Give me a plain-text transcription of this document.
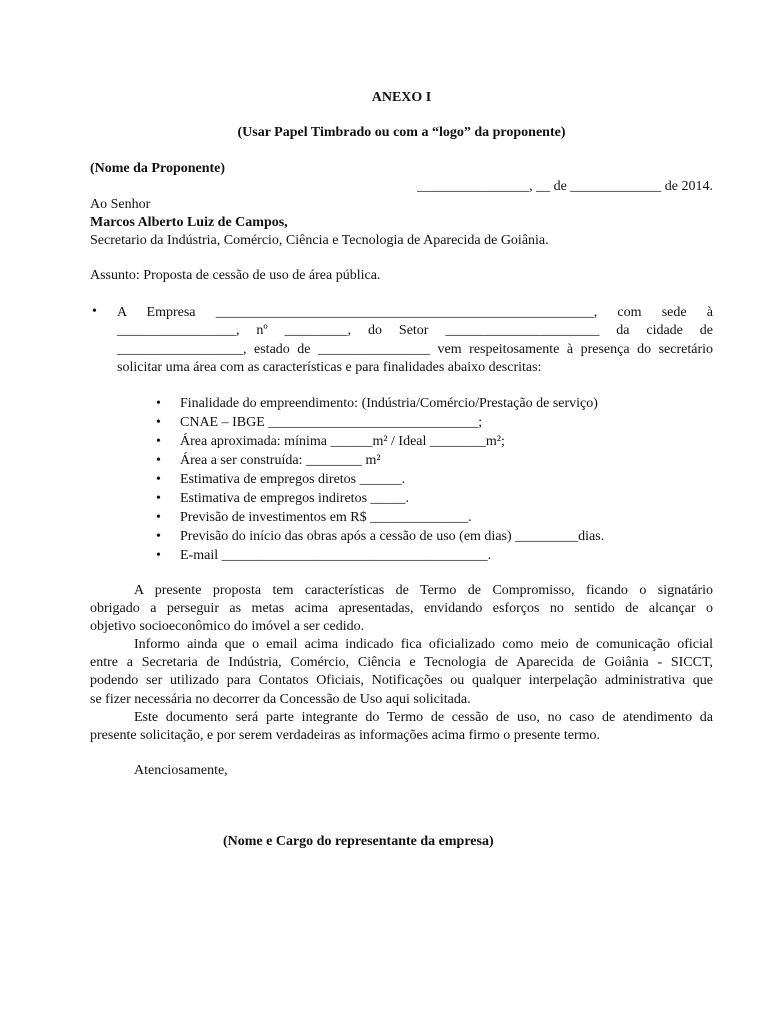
ANEXO I
(Usar Papel Timbrado ou com a “logo” da proponente)
(Nome da Proponente)
________________, __ de _____________ de 2014.
Ao Senhor
Marcos Alberto Luiz de Campos,
Secretario da Indústria, Comércio, Ciência e Tecnologia de Aparecida de Goiânia.
Assunto: Proposta de cessão de uso de área pública.
• A Empresa ______________________________________________________, com sede à
_________________, nº _________, do Setor ______________________ da cidade de
__________________, estado de ________________ vem respeitosamente à presença do secretário
solicitar uma área com as características e para finalidades abaixo descritas:
• Finalidade do empreendimento: (Indústria/Comércio/Prestação de serviço)
• CNAE – IBGE ______________________________;
• Área aproximada: mínima ______m² / Ideal ________m²;
• Área a ser construída: ________ m²
• Estimativa de empregos diretos ______.
• Estimativa de empregos indiretos _____.
• Previsão de investimentos em R$ ______________.
• Previsão do início das obras após a cessão de uso (em dias) _________dias.
• E-mail ______________________________________.
A presente proposta tem características de Termo de Compromisso, ficando o signatário
obrigado a perseguir as metas acima apresentadas, envidando esforços no sentido de alcançar o
objetivo socioeconômico do imóvel a ser cedido.
Informo ainda que o email acima indicado fica oficializado como meio de comunicação oficial
entre a Secretaria de Indústria, Comércio, Ciência e Tecnologia de Aparecida de Goiânia - SICCT,
podendo ser utilizado para Contatos Oficiais, Notificações ou qualquer interpelação administrativa que
se fizer necessária no decorrer da Concessão de Uso aqui solicitada.
Este documento será parte integrante do Termo de cessão de uso, no caso de atendimento da
presente solicitação, e por serem verdadeiras as informações acima firmo o presente termo.
Atenciosamente,
(Nome e Cargo do representante da empresa)
